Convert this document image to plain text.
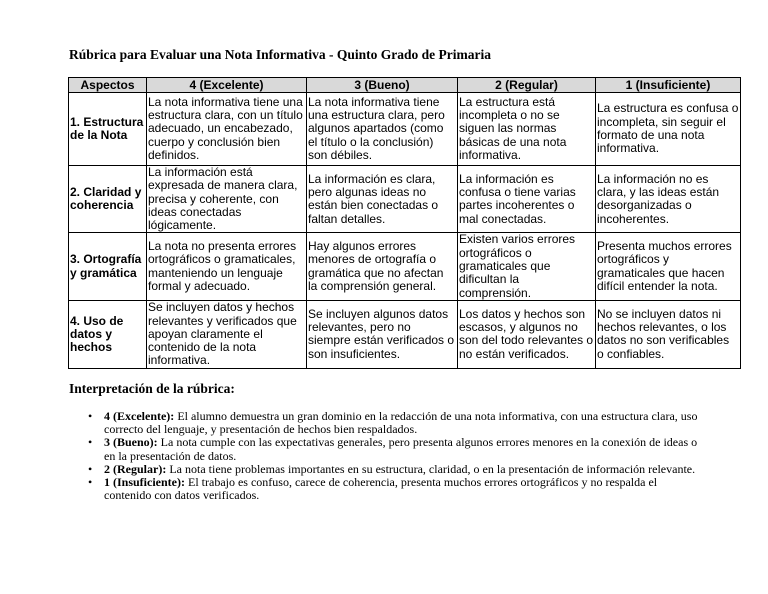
Rúbrica para Evaluar una Nota Informativa - Quinto Grado de Primaria
Aspectos	4 (Excelente)	3 (Bueno)	2 (Regular)	1 (Insuficiente)
1. Estructura de la Nota	La nota informativa tiene una estructura clara, con un título adecuado, un encabezado, cuerpo y conclusión bien definidos.	La nota informativa tiene una estructura clara, pero algunos apartados (como el título o la conclusión) son débiles.	La estructura está incompleta o no se siguen las normas básicas de una nota informativa.	La estructura es confusa o incompleta, sin seguir el formato de una nota informativa.
2. Claridad y coherencia	La información está expresada de manera clara, precisa y coherente, con ideas conectadas lógicamente.	La información es clara, pero algunas ideas no están bien conectadas o faltan detalles.	La información es confusa o tiene varias partes incoherentes o mal conectadas.	La información no es clara, y las ideas están desorganizadas o incoherentes.
3. Ortografía y gramática	La nota no presenta errores ortográficos o gramaticales, manteniendo un lenguaje formal y adecuado.	Hay algunos errores menores de ortografía o gramática que no afectan la comprensión general.	Existen varios errores ortográficos o gramaticales que dificultan la comprensión.	Presenta muchos errores ortográficos y gramaticales que hacen difícil entender la nota.
4. Uso de datos y hechos	Se incluyen datos y hechos relevantes y verificados que apoyan claramente el contenido de la nota informativa.	Se incluyen algunos datos relevantes, pero no siempre están verificados o son insuficientes.	Los datos y hechos son escasos, y algunos no son del todo relevantes o no están verificados.	No se incluyen datos ni hechos relevantes, o los datos no son verificables o confiables.
Interpretación de la rúbrica:
• 4 (Excelente): El alumno demuestra un gran dominio en la redacción de una nota informativa, con una estructura clara, uso correcto del lenguaje, y presentación de hechos bien respaldados.
• 3 (Bueno): La nota cumple con las expectativas generales, pero presenta algunos errores menores en la conexión de ideas o en la presentación de datos.
• 2 (Regular): La nota tiene problemas importantes en su estructura, claridad, o en la presentación de información relevante.
• 1 (Insuficiente): El trabajo es confuso, carece de coherencia, presenta muchos errores ortográficos y no respalda el contenido con datos verificados.
